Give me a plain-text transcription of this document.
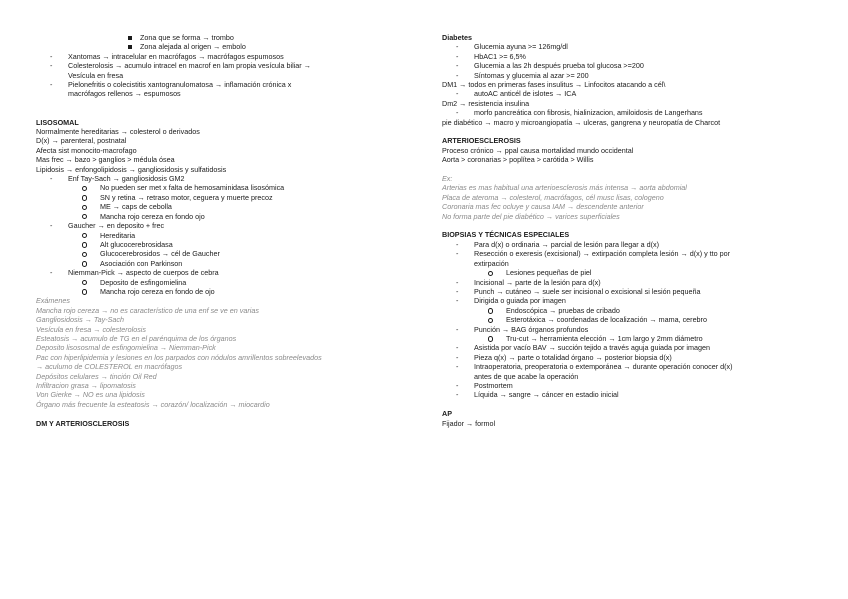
Zona que se forma → trombo
Zona alejada al origen → embolo
- Xantomas → intracelular en macrófagos → macrófagos espumosos
- Colesterolosis → acumulo intracel en macrof en lam propia vesícula biliar →
Vesícula en fresa
- Pielonefritis o colecistitis xantogranulomatosa → inflamación crónica x
macrófagos rellenos → espumosos
LISOSOMAL
Normalmente hereditarias → colesterol o derivados
D(x) → parenteral, postnatal
Afecta sist monocito-macrofago
Mas frec → bazo > ganglios > médula ósea
Lipidosis → enfongolipidosis → gangliosidosis y sulfatidosis
- Enf Tay-Sach → gangliosidosis GM2
No pueden ser met x falta de hemosaminidasa lisosómica
SN y retina → retraso motor, ceguera y muerte precoz
ME → caps de cebolla
Mancha rojo cereza en fondo ojo
- Gaucher → en deposito + frec
Hereditaria
Alt glucocerebrosidasa
Glucocerebrosidos → cél de Gaucher
Asociación con Parkinson
- Niemman-Pick → aspecto de cuerpos de cebra
Deposito de esfingomielina
Mancha rojo cereza en fondo de ojo
Exámenes
Mancha rojo cereza → no es característico de una enf se ve en varias
Gangliosidosis → Tay-Sach
Vesícula en fresa → colesterolosis
Esteatosis → acumulo de TG en el parénquima de los órganos
Deposito lisososmal de esfingomielina → Niemman-Pick
Pac con hiperlipidemia y lesiones en los parpados con nódulos amrillentos sobreelevados
→ aculumo de COLESTEROL en macrófagos
Depósitos celulares → tinción Oil Red
Infiltracion grasa → lipomatosis
Von Gierke → NO es una lipidosis
Órgano más frecuente la esteatosis → corazón/ localización → miocardio
DM Y ARTERIOSCLEROSIS
Diabetes
- Glucemia ayuna >= 126mg/dl
- HbAC1 >= 6,5%
- Glucemia a las 2h después prueba tol glucosa >=200
- Síntomas y glucemia al azar >= 200
DM1 → todos en primeras fases insulitus → Linfocitos atacando a cél\
- autoAC anticél de islotes → ICA
Dm2 → resistencia insulina
- morfo pancreática con fibrosis, hialinizacion, amiloidosis de Langerhans
pie diabético → macro y microangiopatía → ulceras, gangrena y neuropatía de Charcot
ARTERIOESCLEROSIS
Proceso crónico → ppal causa mortalidad mundo occidental
Aorta > coronarias > poplítea > carótida > Willis
Ex:
Arterias es mas habitual una arterioesclerosis más intensa → aorta abdomial
Placa de ateroma → colesterol, macrófagos, cél musc lisas, cologeno
Coronaria mas fec ocluye y causa IAM → descendente anterior
No forma parte del pie diabético → varices superficiales
BIOPSIAS Y TÉCNICAS ESPECIALES
- Para d(x) o ordinaria → parcial de lesión para llegar a d(x)
- Resección o exeresis (excisional) → extirpación completa lesión → d(x) y tto por
extirpación
Lesiones pequeñas de piel
- Incisional → parte de la lesión para d(x)
- Punch → cutáneo → suele ser incisional o excisional si lesión pequeña
- Dirigida o guiada por imagen
Endoscópica → pruebas de cribado
Esterotáxica → coordenadas de localización → mama, cerebro
- Punción → BAG órganos profundos
Tru-cut → herramienta elección → 1cm largo y 2mm diámetro
- Asistida por vacío BAV → succión tejido a través aguja guiada por imagen
- Pieza q(x) → parte o totalidad órgano → posterior biopsia d(x)
- Intraoperatoria, preoperatoria o extemporánea → durante operación conocer d(x)
antes de que acabe la operación
- Postmortem
- Líquida → sangre → cáncer en estadio inicial
AP
Fijador → formol
